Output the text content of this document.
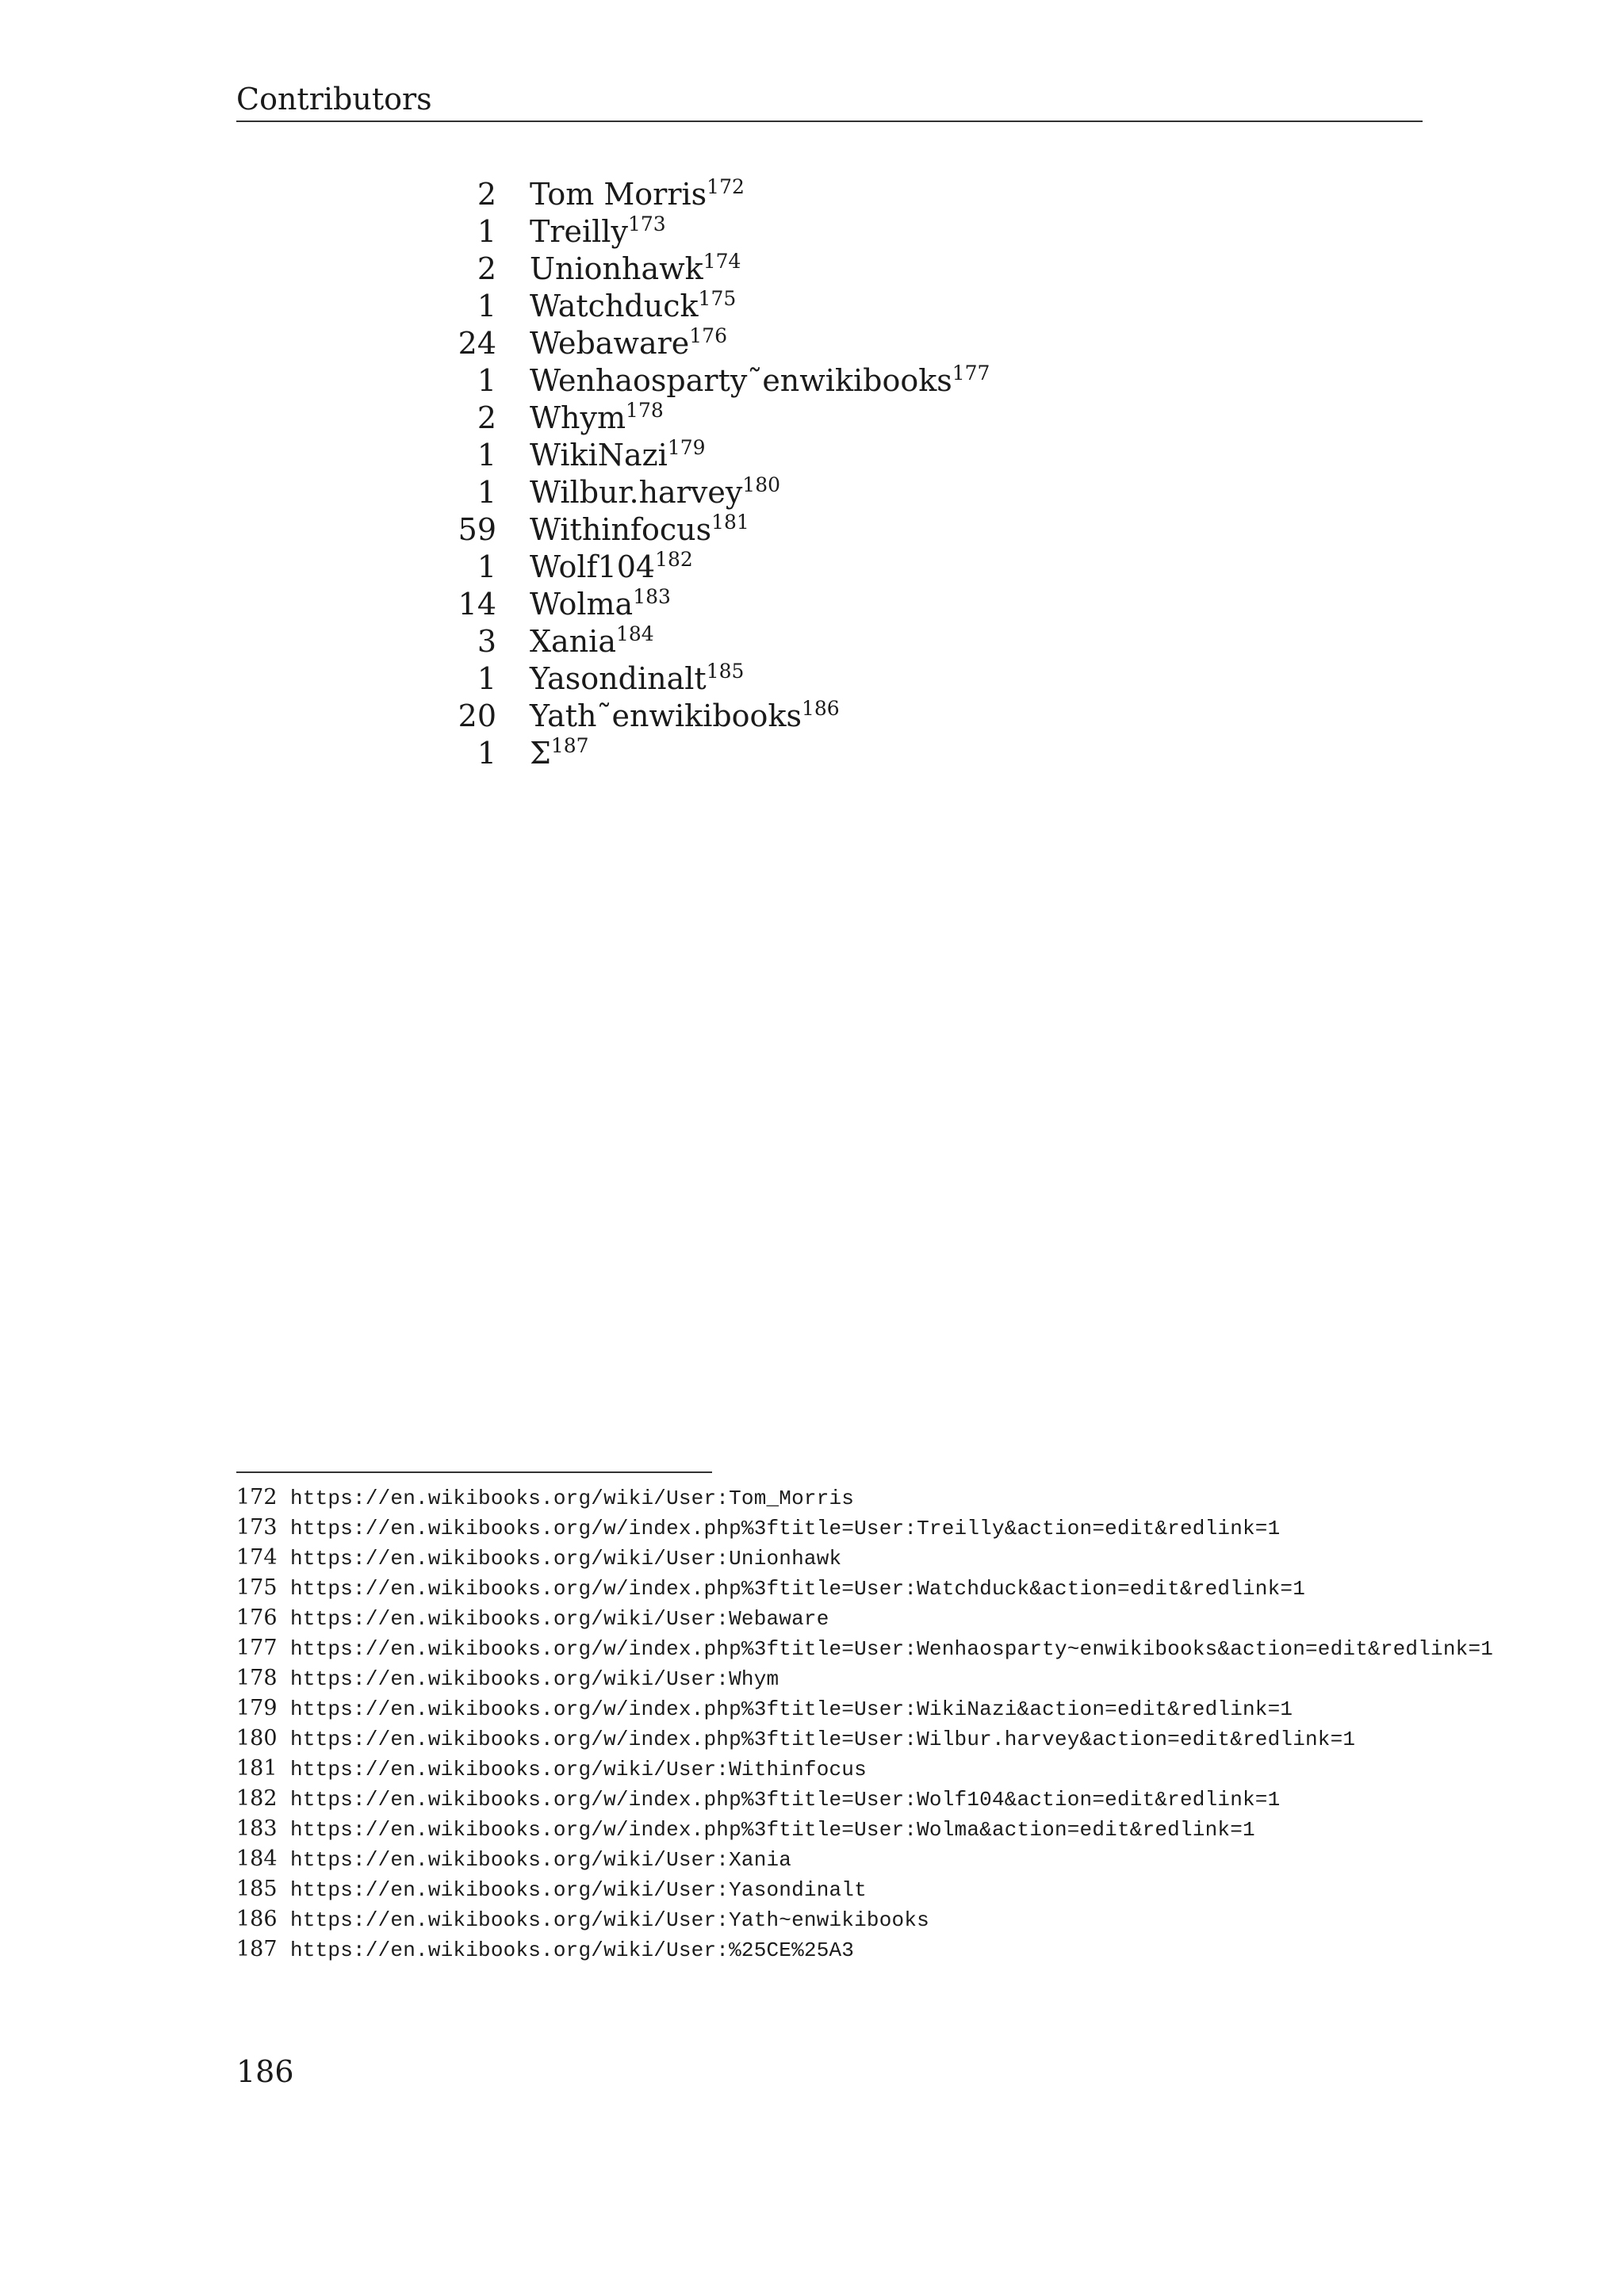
Contributors
2 Tom Morris$^{172}$
1 Treilly$^{173}$
2 Unionhawk$^{174}$
1 Watchduck$^{175}$
24 Webaware$^{176}$
1 Wenhaosparty˜enwikibooks$^{177}$
2 Whym$^{178}$
1 WikiNazi$^{179}$
1 Wilbur.harvey$^{180}$
59 Withinfocus$^{181}$
1 $Wolf104^{182}$
14 Wolma$^{183}$
3 Xania$^{184}$
1 Yasondinalt$^{185}$
20 Yath˜enwikibooks$^{186}$
1 $\Sigma^{187}$
172 https://en.wikibooks.org/wiki/User:Tom_Morris
173 https://en.wikibooks.org/w/index.php%3ftitle=User:Treilly&action=edit&redlink=1
174 https://en.wikibooks.org/wiki/User:Unionhawk
175 https://en.wikibooks.org/w/index.php%3ftitle=User:Watchduck&action=edit&redlink=1
176 https://en.wikibooks.org/wiki/User:Webaware
177 https://en.wikibooks.org/w/index.php%3ftitle=User:Wenhaosparty~enwikibooks&action=edit&redlink=1
178 https://en.wikibooks.org/wiki/User:Whym
179 https://en.wikibooks.org/w/index.php%3ftitle=User:WikiNazi&action=edit&redlink=1
180 https://en.wikibooks.org/w/index.php%3ftitle=User:Wilbur.harvey&action=edit&redlink=1
181 https://en.wikibooks.org/wiki/User:Withinfocus
182 https://en.wikibooks.org/w/index.php%3ftitle=User:Wolf104&action=edit&redlink=1
183 https://en.wikibooks.org/w/index.php%3ftitle=User:Wolma&action=edit&redlink=1
184 https://en.wikibooks.org/wiki/User:Xania
185 https://en.wikibooks.org/wiki/User:Yasondinalt
186 https://en.wikibooks.org/wiki/User:Yath~enwikibooks
187 https://en.wikibooks.org/wiki/User:%25CE%25A3
186
